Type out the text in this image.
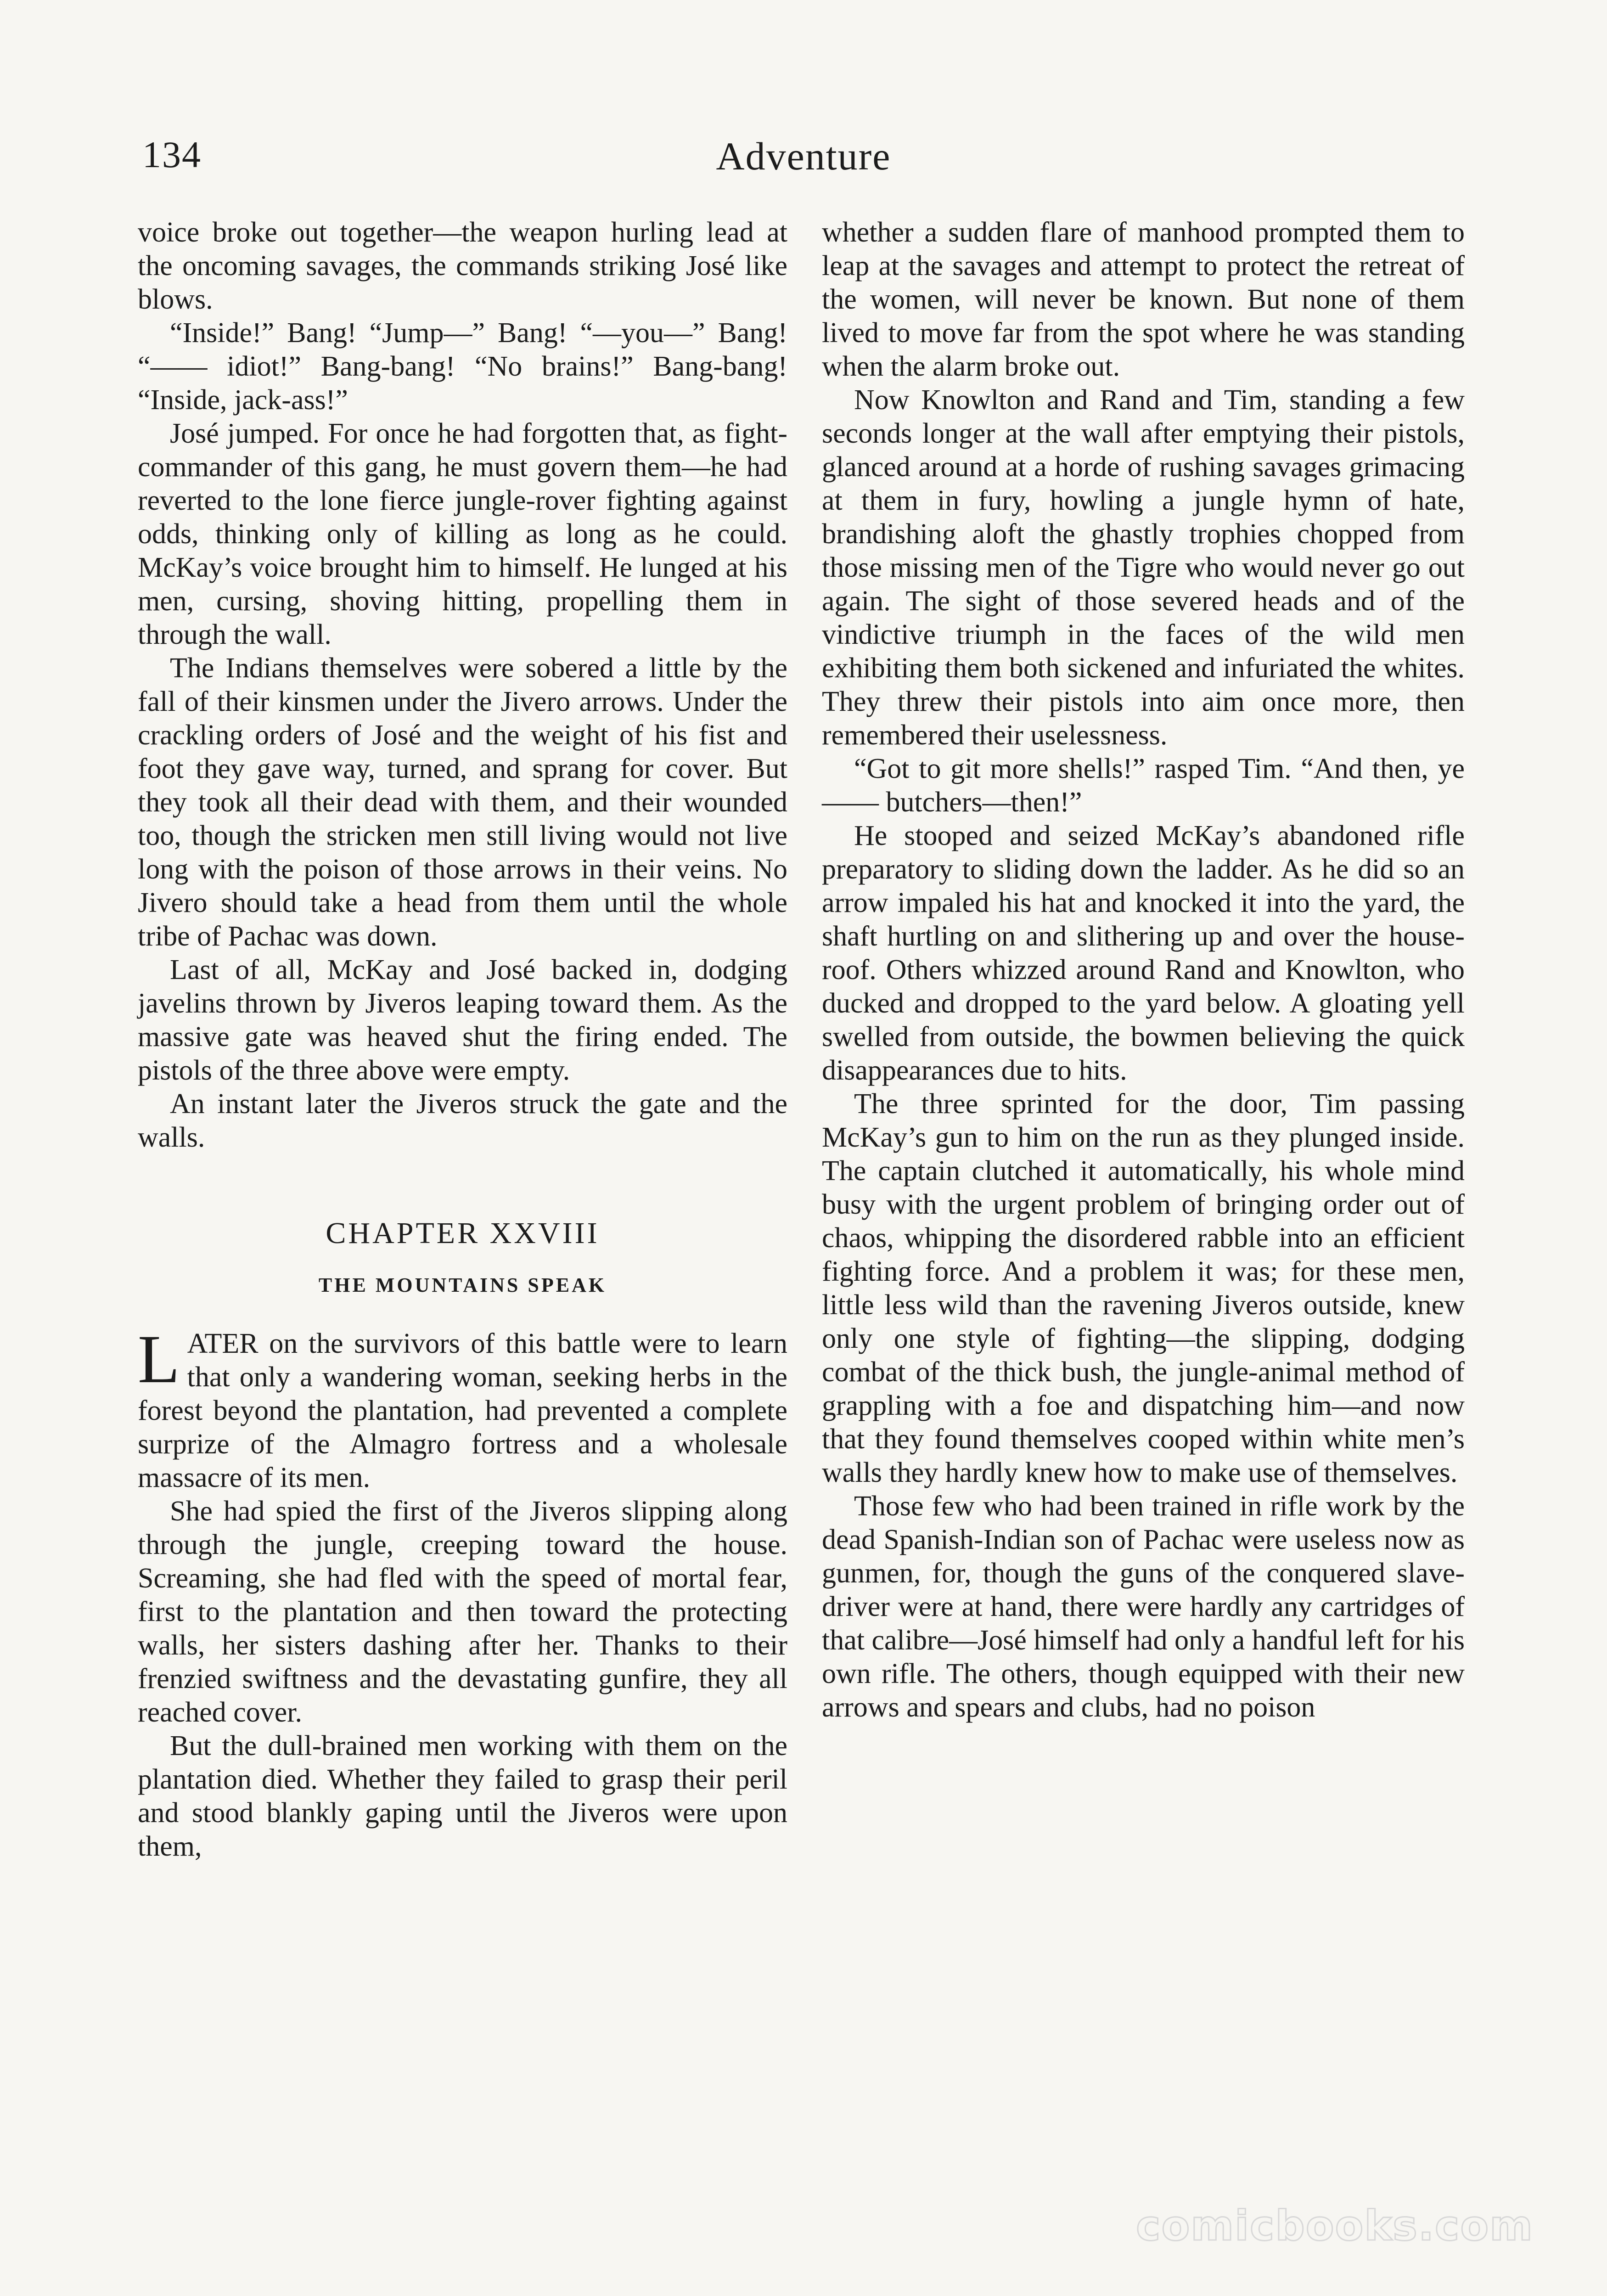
134	Adventure

voice broke out together—the weapon hurling lead at the oncoming savages, the commands striking José like blows.

“Inside!” Bang! “Jump—” Bang! “—you—” Bang! “—— idiot!” Bang-bang! “No brains!” Bang-bang! “Inside, jack-ass!”

José jumped. For once he had forgotten that, as fight-commander of this gang, he must govern them—he had reverted to the lone fierce jungle-rover fighting against odds, thinking only of killing as long as he could. McKay’s voice brought him to himself. He lunged at his men, cursing, shoving hitting, propelling them in through the wall.

The Indians themselves were sobered a little by the fall of their kinsmen under the Jivero arrows. Under the crackling orders of José and the weight of his fist and foot they gave way, turned, and sprang for cover. But they took all their dead with them, and their wounded too, though the stricken men still living would not live long with the poison of those arrows in their veins. No Jivero should take a head from them until the whole tribe of Pachac was down.

Last of all, McKay and José backed in, dodging javelins thrown by Jiveros leaping toward them. As the massive gate was heaved shut the firing ended. The pistols of the three above were empty.

An instant later the Jiveros struck the gate and the walls.

CHAPTER XXVIII
THE MOUNTAINS SPEAK

LATER on the survivors of this battle were to learn that only a wandering woman, seeking herbs in the forest beyond the plantation, had prevented a complete surprize of the Almagro fortress and a wholesale massacre of its men.

She had spied the first of the Jiveros slipping along through the jungle, creeping toward the house. Screaming, she had fled with the speed of mortal fear, first to the plantation and then toward the protecting walls, her sisters dashing after her. Thanks to their frenzied swiftness and the devastating gunfire, they all reached cover.

But the dull-brained men working with them on the plantation died. Whether they failed to grasp their peril and stood blankly gaping until the Jiveros were upon them,

whether a sudden flare of manhood prompted them to leap at the savages and attempt to protect the retreat of the women, will never be known. But none of them lived to move far from the spot where he was standing when the alarm broke out.

Now Knowlton and Rand and Tim, standing a few seconds longer at the wall after emptying their pistols, glanced around at a horde of rushing savages grimacing at them in fury, howling a jungle hymn of hate, brandishing aloft the ghastly trophies chopped from those missing men of the Tigre who would never go out again. The sight of those severed heads and of the vindictive triumph in the faces of the wild men exhibiting them both sickened and infuriated the whites. They threw their pistols into aim once more, then remembered their uselessness.

“Got to git more shells!” rasped Tim. “And then, ye —— butchers—then!”

He stooped and seized McKay’s abandoned rifle preparatory to sliding down the ladder. As he did so an arrow impaled his hat and knocked it into the yard, the shaft hurtling on and slithering up and over the house-roof. Others whizzed around Rand and Knowlton, who ducked and dropped to the yard below. A gloating yell swelled from outside, the bowmen believing the quick disappearances due to hits.

The three sprinted for the door, Tim passing McKay’s gun to him on the run as they plunged inside. The captain clutched it automatically, his whole mind busy with the urgent problem of bringing order out of chaos, whipping the disordered rabble into an efficient fighting force. And a problem it was; for these men, little less wild than the ravening Jiveros outside, knew only one style of fighting—the slipping, dodging combat of the thick bush, the jungle-animal method of grappling with a foe and dispatching him—and now that they found themselves cooped within white men’s walls they hardly knew how to make use of themselves.

Those few who had been trained in rifle work by the dead Spanish-Indian son of Pachac were useless now as gunmen, for, though the guns of the conquered slave-driver were at hand, there were hardly any cartridges of that calibre—José himself had only a handful left for his own rifle. The others, though equipped with their new arrows and spears and clubs, had no poison

comicbooks.com
